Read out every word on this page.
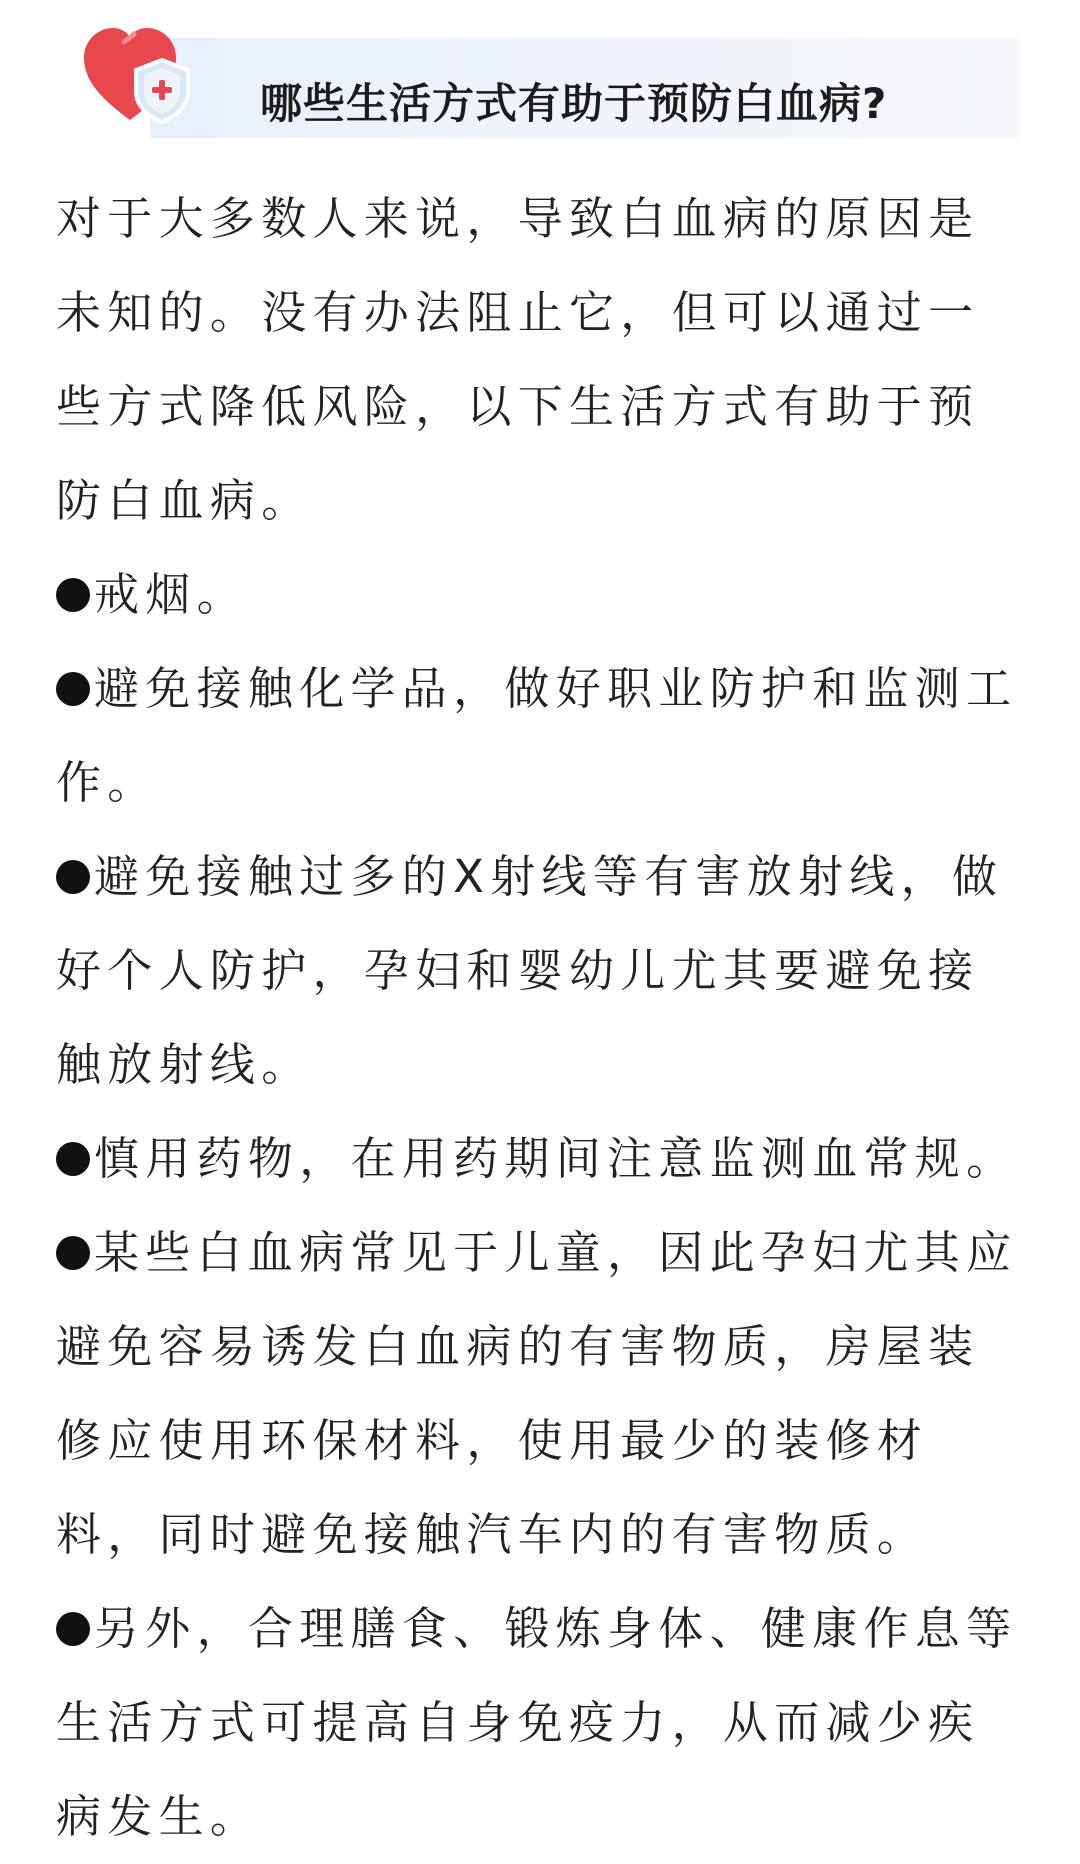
哪些生活方式有助于预防白血病?

对于大多数人来说，导致白血病的原因是未知的。没有办法阻止它，但可以通过一些方式降低风险，以下生活方式有助于预防白血病。

戒烟。

避免接触化学品，做好职业防护和监测工作。

避免接触过多的X射线等有害放射线，做好个人防护，孕妇和婴幼儿尤其要避免接触放射线。

慎用药物，在用药期间注意监测血常规。

某些白血病常见于儿童，因此孕妇尤其应避免容易诱发白血病的有害物质，房屋装修应使用环保材料，使用最少的装修材料，同时避免接触汽车内的有害物质。

另外，合理膳食、锻炼身体、健康作息等生活方式可提高自身免疫力，从而减少疾病发生。
